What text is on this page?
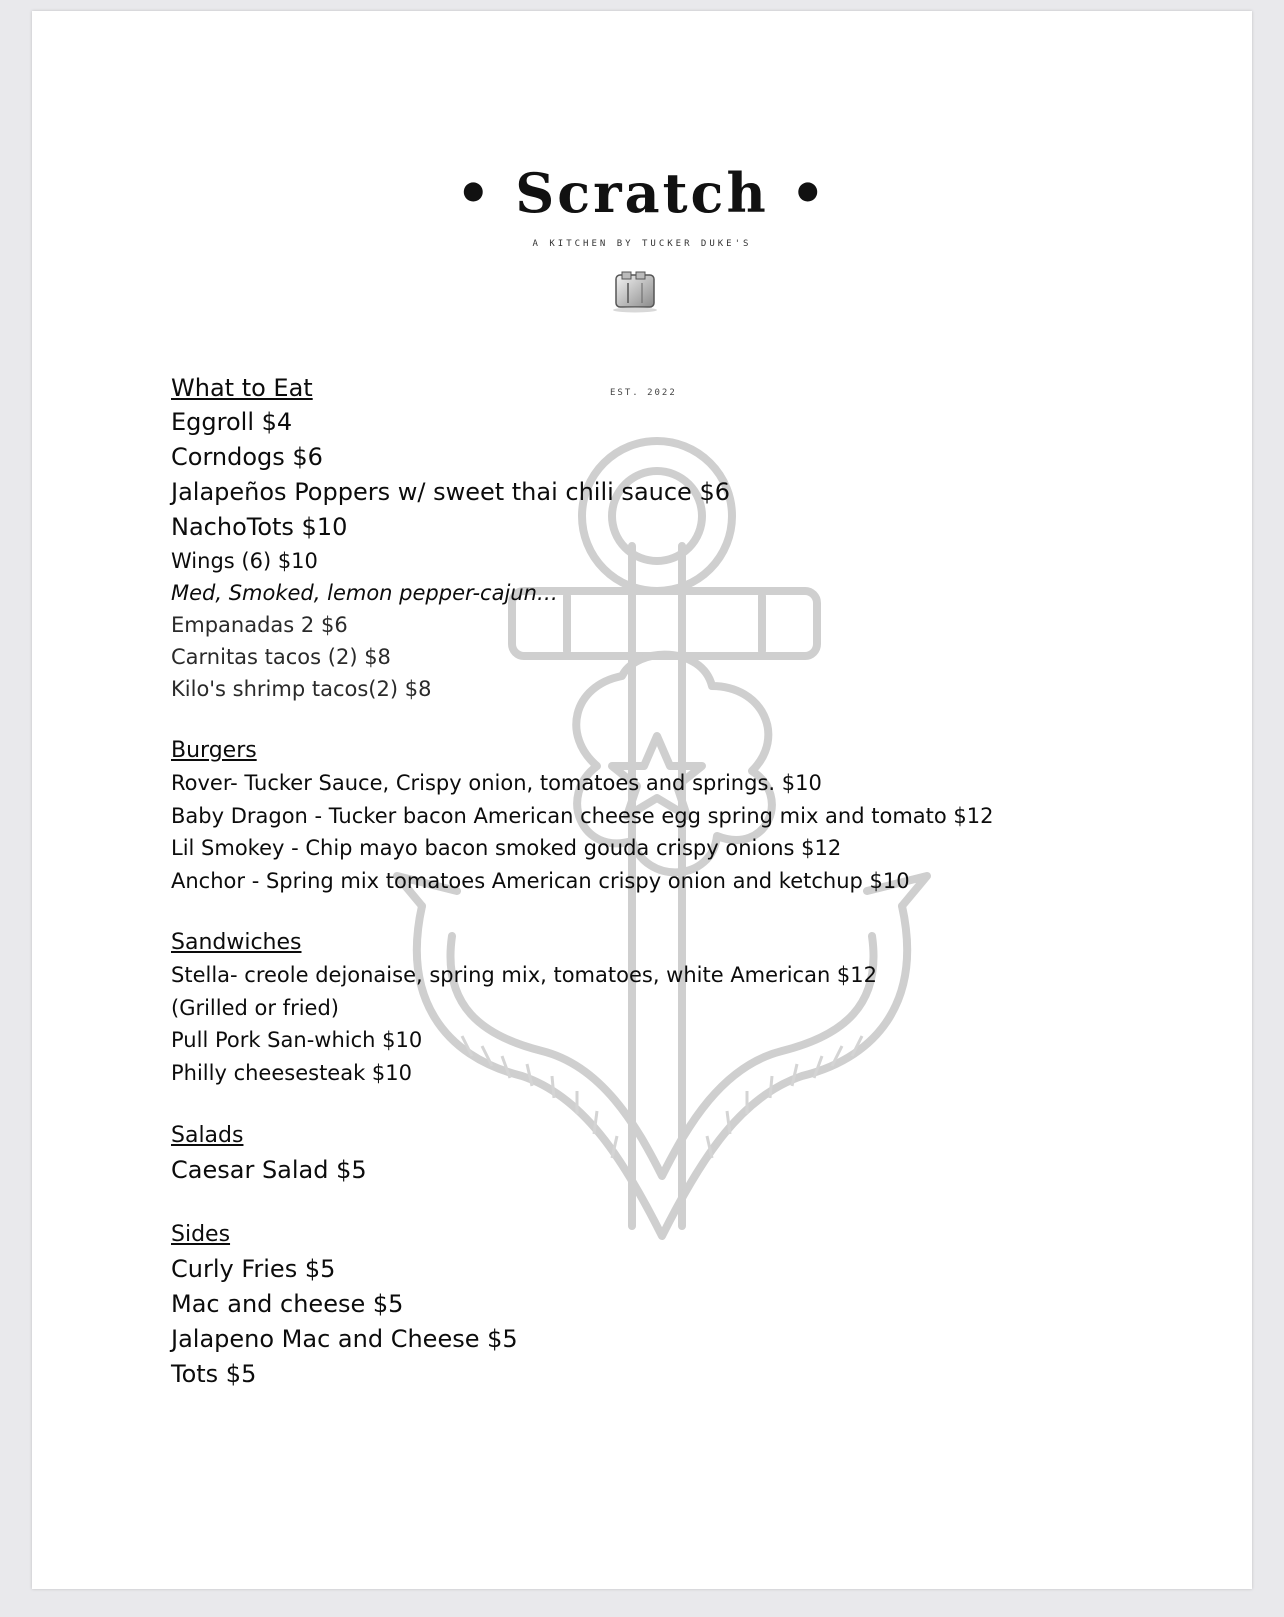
• Scratch •
A KITCHEN BY TUCKER DUKE'S
EST. 2022

What to Eat

Eggroll $4

Corndogs $6

Jalapeños Poppers w/ sweet thai chili sauce $6

NachoTots $10

Wings (6) $10

Med, Smoked, lemon pepper-cajun…

Empanadas 2 $6

Carnitas tacos (2) $8

Kilo's shrimp tacos(2) $8

Burgers

Rover- Tucker Sauce, Crispy onion, tomatoes and springs. $10

Baby Dragon - Tucker bacon American cheese egg spring mix and tomato $12

Lil Smokey - Chip mayo bacon smoked gouda crispy onions $12

Anchor - Spring mix tomatoes American crispy onion and ketchup $10

Sandwiches

Stella- creole dejonaise, spring mix, tomatoes, white American $12

(Grilled or fried)

Pull Pork San-which $10

Philly cheesesteak $10

Salads

Caesar Salad $5

Sides

Curly Fries $5

Mac and cheese $5

Jalapeno Mac and Cheese $5

Tots $5
